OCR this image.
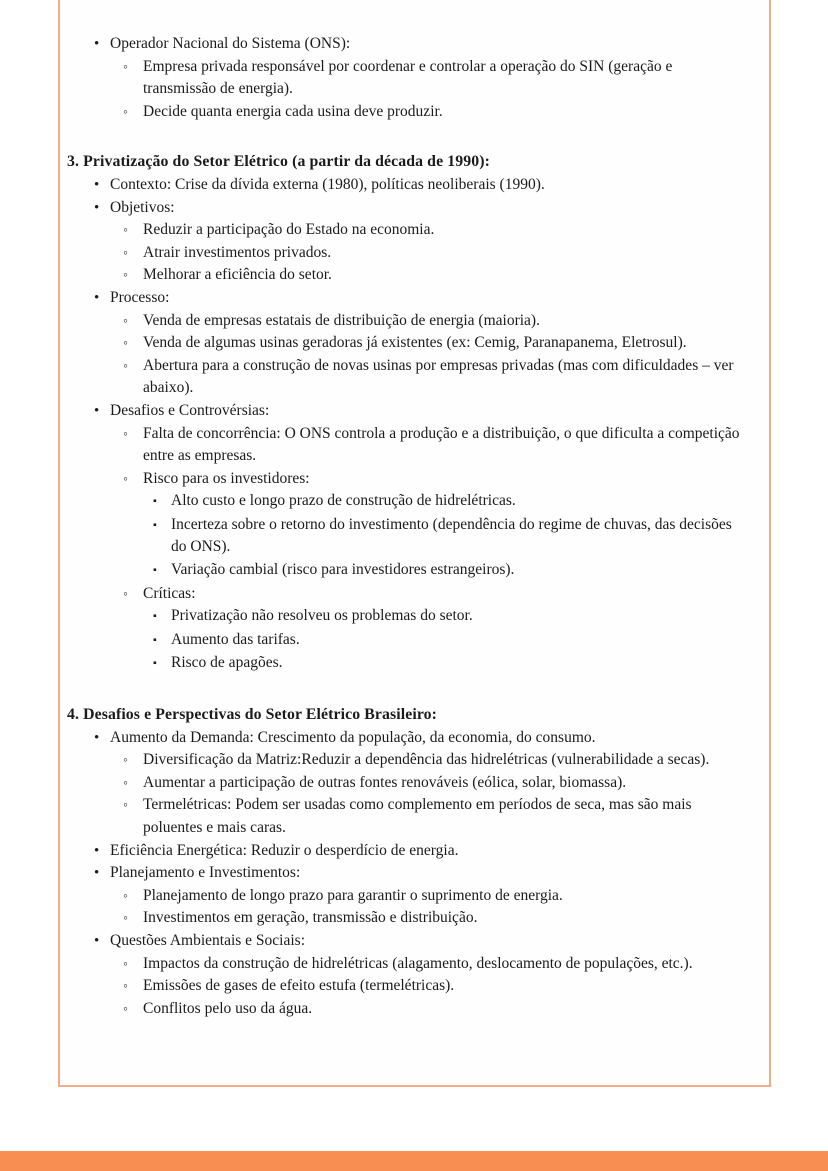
• Operador Nacional do Sistema (ONS):
◦ Empresa privada responsável por coordenar e controlar a operação do SIN (geração e transmissão de energia).
◦ Decide quanta energia cada usina deve produzir.
3. Privatização do Setor Elétrico (a partir da década de 1990):
• Contexto: Crise da dívida externa (1980), políticas neoliberais (1990).
• Objetivos:
◦ Reduzir a participação do Estado na economia.
◦ Atrair investimentos privados.
◦ Melhorar a eficiência do setor.
• Processo:
◦ Venda de empresas estatais de distribuição de energia (maioria).
◦ Venda de algumas usinas geradoras já existentes (ex: Cemig, Paranapanema, Eletrosul).
◦ Abertura para a construção de novas usinas por empresas privadas (mas com dificuldades – ver abaixo).
• Desafios e Controvérsias:
◦ Falta de concorrência: O ONS controla a produção e a distribuição, o que dificulta a competição entre as empresas.
◦ Risco para os investidores:
▪ Alto custo e longo prazo de construção de hidrelétricas.
▪ Incerteza sobre o retorno do investimento (dependência do regime de chuvas, das decisões do ONS).
▪ Variação cambial (risco para investidores estrangeiros).
◦ Críticas:
▪ Privatização não resolveu os problemas do setor.
▪ Aumento das tarifas.
▪ Risco de apagões.
4. Desafios e Perspectivas do Setor Elétrico Brasileiro:
• Aumento da Demanda: Crescimento da população, da economia, do consumo.
◦ Diversificação da Matriz:Reduzir a dependência das hidrelétricas (vulnerabilidade a secas).
◦ Aumentar a participação de outras fontes renováveis (eólica, solar, biomassa).
◦ Termelétricas: Podem ser usadas como complemento em períodos de seca, mas são mais poluentes e mais caras.
• Eficiência Energética: Reduzir o desperdício de energia.
• Planejamento e Investimentos:
◦ Planejamento de longo prazo para garantir o suprimento de energia.
◦ Investimentos em geração, transmissão e distribuição.
• Questões Ambientais e Sociais:
◦ Impactos da construção de hidrelétricas (alagamento, deslocamento de populações, etc.).
◦ Emissões de gases de efeito estufa (termelétricas).
◦ Conflitos pelo uso da água.
